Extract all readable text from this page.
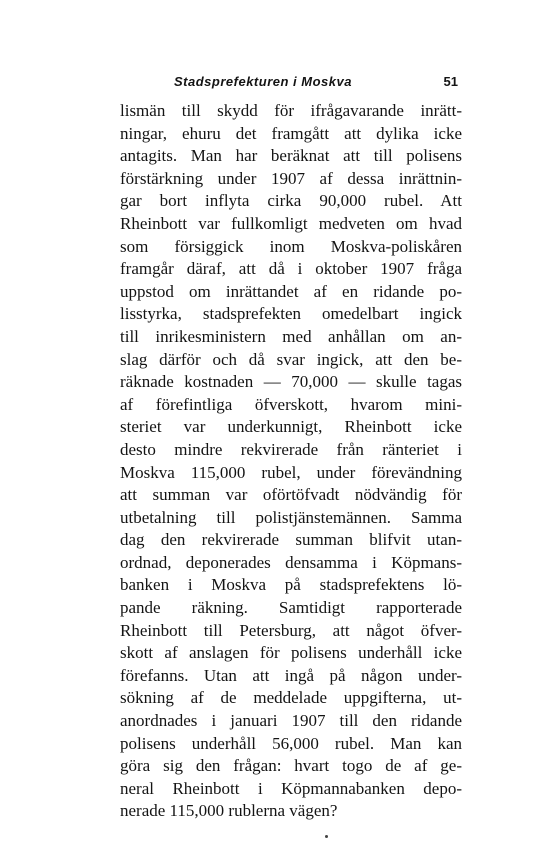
Stadsprefekturen i Moskva	51
lismän till skydd för ifrågavarande inrätt-
ningar, ehuru det framgått att dylika icke
antagits. Man har beräknat att till polisens
förstärkning under 1907 af dessa inrättnin-
gar bort inflyta cirka 90,000 rubel. Att
Rheinbott var fullkomligt medveten om hvad
som försiggick inom Moskva-poliskåren
framgår däraf, att då i oktober 1907 fråga
uppstod om inrättandet af en ridande po-
lisstyrka, stadsprefekten omedelbart ingick
till inrikesministern med anhållan om an-
slag därför och då svar ingick, att den be-
räknade kostnaden — 70,000 — skulle tagas
af förefintliga öfverskott, hvarom mini-
steriet var underkunnigt, Rheinbott icke
desto mindre rekvirerade från ränteriet i
Moskva 115,000 rubel, under förevändning
att summan var oförtöfvadt nödvändig för
utbetalning till polistjänstemännen. Samma
dag den rekvirerade summan blifvit utan-
ordnad, deponerades densamma i Köpmans-
banken i Moskva på stadsprefektens lö-
pande räkning. Samtidigt rapporterade
Rheinbott till Petersburg, att något öfver-
skott af anslagen för polisens underhåll icke
förefanns. Utan att ingå på någon under-
sökning af de meddelade uppgifterna, ut-
anordnades i januari 1907 till den ridande
polisens underhåll 56,000 rubel. Man kan
göra sig den frågan: hvart togo de af ge-
neral Rheinbott i Köpmannabanken depo-
nerade 115,000 rublerna vägen?
